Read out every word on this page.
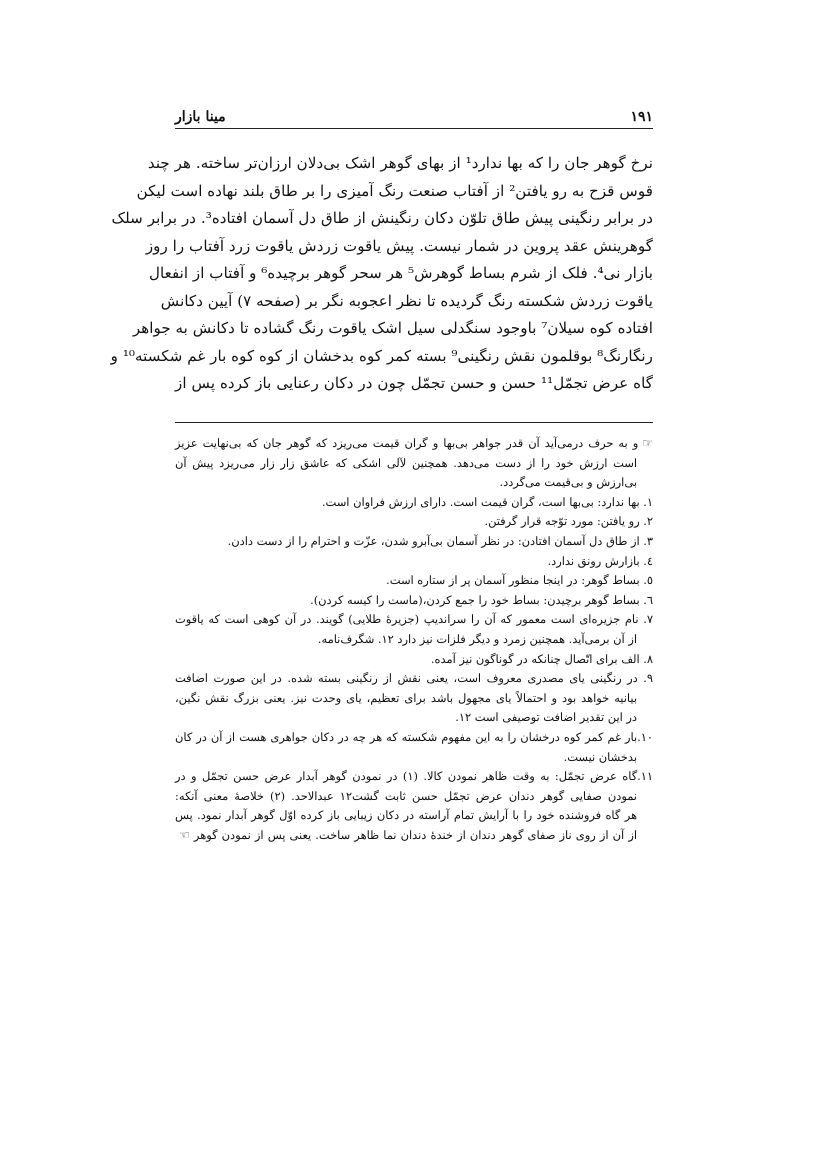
۱۹۱
مینا بازار
نرخ گوهر جان را که بها ندارد¹ از بهای گوهر اشک بی‌دلان ارزان‌تر ساخته. هر چند
قوس قزح به رو یافتن² از آفتاب صنعت رنگ آمیزی را بر طاق بلند نهاده است لیکن
در برابر رنگینی پیش طاق تلوّن دکان رنگینش از طاق دل آسمان افتاده³. در برابر سلک
گوهرینش عقد پروین در شمار نیست. پیش یاقوت زردش یاقوت زرد آفتاب را روز
بازار نی⁴. فلک از شرم بساط گوهرش⁵ هر سحر گوهر برچیده⁶ و آفتاب از انفعال
یاقوت زردش شکسته رنگ گردیده تا نظر اعجوبه نگر بر (صفحه ۷) آیین دکانش
افتاده کوه سیلان⁷ باوجود سنگدلی سیل اشک یاقوت رنگ گشاده تا دکانش به جواهر
رنگارنگ⁸ بوقلمون نقش رنگینی⁹ بسته کمر کوه بدخشان از کوه کوه بار غم شکسته¹⁰ و
گاه عرض تجمّل¹¹ حسن و حسن تجمّل چون در دکان رعنایی باز کرده پس از
☞و به حرف درمی‌آید آن قدر جواهر بی‌بها و گران قیمت می‌ریزد که گوهر جان که بی‌نهایت عزیز
است ارزش خود را از دست می‌دهد. همچنین لآلی اشکی که عاشق زار زار می‌ریزد پیش آن
بی‌ارزش و بی‌قیمت می‌گردد.
۱. بها ندارد: بی‌بها است، گران قیمت است. دارای ارزش فراوان است.
۲. رو یافتن: مورد توّجه قرار گرفتن.
۳. از طاق دل آسمان افتادن: در نظر آسمان بی‌آبرو شدن، عزّت و احترام را از دست دادن.
٤. بازارش رونق ندارد.
٥. بساط گوهر: در اینجا منظور آسمان پر از ستاره است.
٦. بساط گوهر برچیدن: بساط خود را جمع کردن،(ماست را کیسه کردن).
٧. نام جزیره‌ای است معمور که آن را سراندیپ (جزیرهٔ طلایی) گویند. در آن کوهی است که یاقوت
از آن برمی‌آید. همچنین زمرد و دیگر فلزات نیز دارد ۱۲. شگرف‌نامه.
٨. الف برای اتّصال چنانکه در گوناگون نیز آمده.
٩. در رنگینی یای مصدری معروف است، یعنی نقش از رنگینی بسته شده. در این صورت اضافت
بیانیه خواهد بود و احتمالاً یای مجهول باشد برای تعظیم، یای وحدت نیز. یعنی بزرگ نقش نگین،
در این تقدیر اضافت توصیفی است ۱۲.
۱۰.بار غم کمر کوه درخشان را به این مفهوم شکسته که هر چه در دکان جواهری هست از آن در کان
بدخشان نیست.
۱۱.گاه عرض تجمّل: به وقت ظاهر نمودن کالا. (۱) در نمودن گوهر آبدار عرض حسن تجمّل و در
نمودن صفایی گوهر دندان عرض تجمّل حسن ثابت گشت۱۲ عبدالاحد. (۲) خلاصهٔ معنی آنکه:
هر گاه فروشنده خود را با آرایش تمام آراسته در دکان زیبایی باز کرده اوّل گوهر آبدار نمود. پس
از آن از روی ناز صفای گوهر دندان از خندهٔ دندان نما ظاهر ساخت. یعنی پس از نمودن گوهر ☜
